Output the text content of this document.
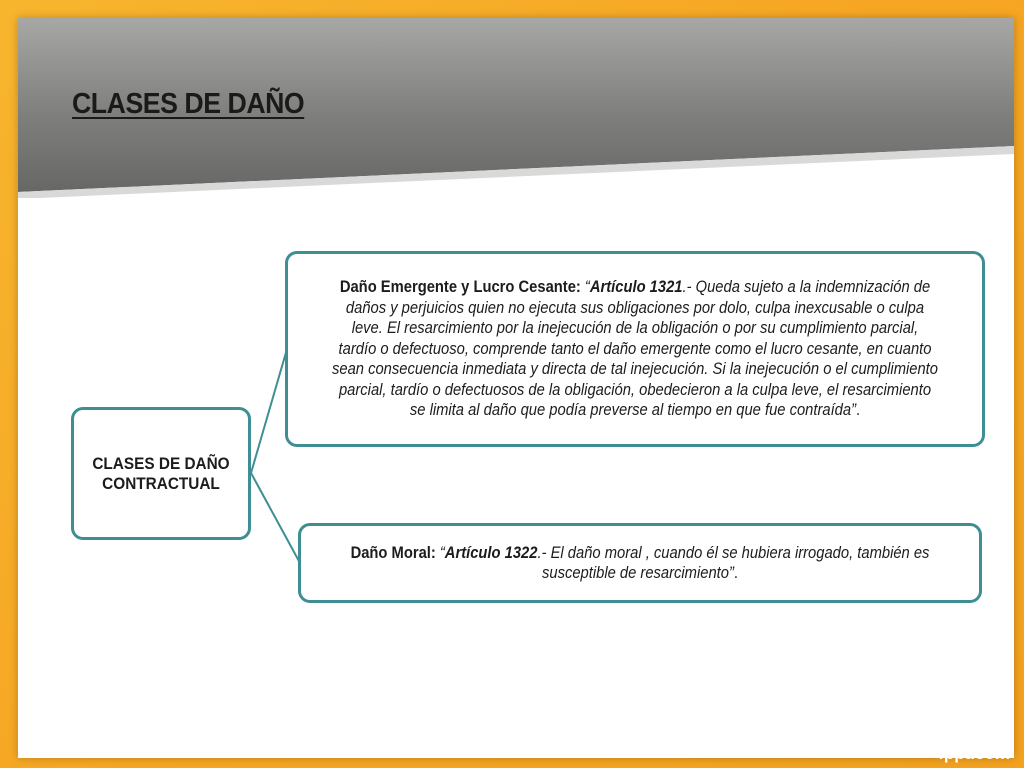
CLASES DE DAÑO
CLASES DE DAÑO CONTRACTUAL
Daño Emergente y Lucro Cesante: “Artículo 1321.- Queda sujeto a la indemnización de daños y perjuicios quien no ejecuta sus obligaciones por dolo, culpa inexcusable o culpa leve. El resarcimiento por la inejecución de la obligación o por su cumplimiento parcial, tardío o defectuoso, comprende tanto el daño emergente como el lucro cesante, en cuanto sean consecuencia inmediata y directa de tal inejecución. Si la inejecución o el cumplimiento parcial, tardío o defectuosos de la obligación, obedecieron a la culpa leve, el resarcimiento se limita al daño que podía preverse al tiempo en que fue contraída”.
Daño Moral: “Artículo 1322.- El daño moral , cuando él se hubiera irrogado, también es susceptible de resarcimiento”.
fppt.com
